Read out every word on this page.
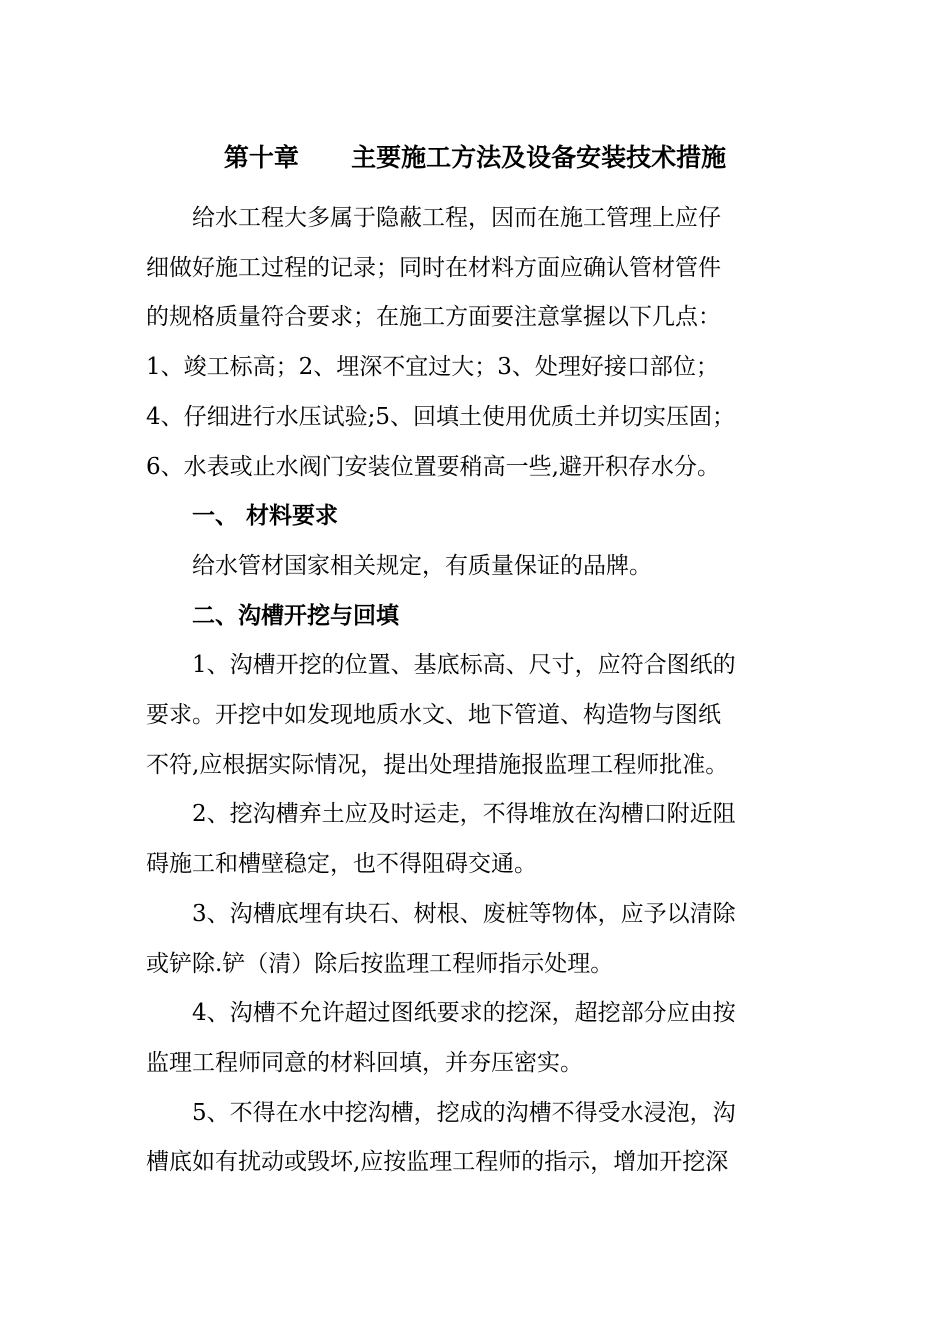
第十章      主要施工方法及设备安装技术措施
给水工程大多属于隐蔽工程，因而在施工管理上应仔
细做好施工过程的记录；同时在材料方面应确认管材管件
的规格质量符合要求；在施工方面要注意掌握以下几点：
1、竣工标高；2、埋深不宜过大；3、处理好接口部位；
4、仔细进行水压试验;5、回填土使用优质土并切实压固；
6、水表或止水阀门安装位置要稍高一些,避开积存水分。
一、 材料要求
给水管材国家相关规定，有质量保证的品牌。
二、沟槽开挖与回填
1、沟槽开挖的位置、基底标高、尺寸，应符合图纸的
要求。开挖中如发现地质水文、地下管道、构造物与图纸
不符,应根据实际情况，提出处理措施报监理工程师批准。
2、挖沟槽弃土应及时运走，不得堆放在沟槽口附近阻
碍施工和槽壁稳定，也不得阻碍交通。
3、沟槽底埋有块石、树根、废桩等物体，应予以清除
或铲除.铲（清）除后按监理工程师指示处理。
4、沟槽不允许超过图纸要求的挖深，超挖部分应由按
监理工程师同意的材料回填，并夯压密实。
5、不得在水中挖沟槽，挖成的沟槽不得受水浸泡，沟
槽底如有扰动或毁坏,应按监理工程师的指示，增加开挖深
